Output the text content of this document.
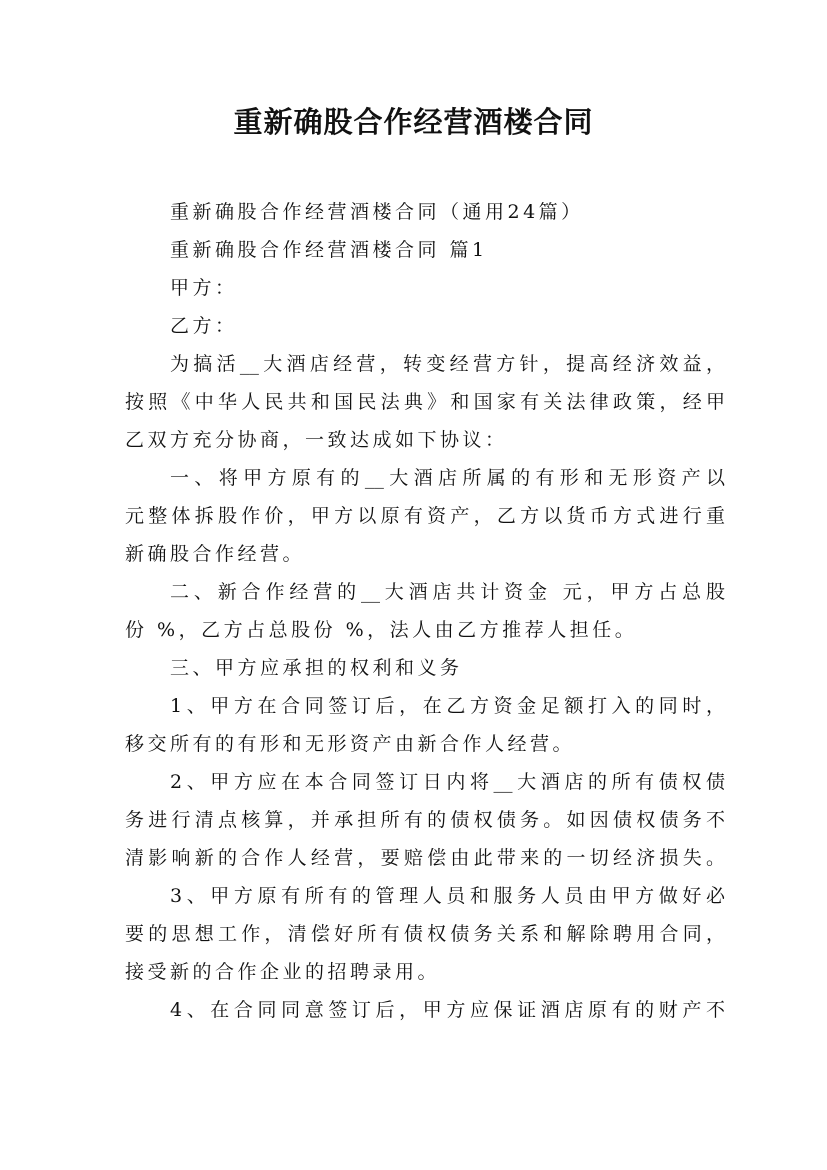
重新确股合作经营酒楼合同
重新确股合作经营酒楼合同（通用24篇）
重新确股合作经营酒楼合同 篇1
甲方：
乙方：
为搞活__大酒店经营，转变经营方针，提高经济效益，
按照《中华人民共和国民法典》和国家有关法律政策，经甲
乙双方充分协商，一致达成如下协议：
一、将甲方原有的__大酒店所属的有形和无形资产以
元整体拆股作价，甲方以原有资产，乙方以货币方式进行重
新确股合作经营。
二、新合作经营的__大酒店共计资金 元，甲方占总股
份 %，乙方占总股份 %，法人由乙方推荐人担任。
三、甲方应承担的权利和义务
1、甲方在合同签订后，在乙方资金足额打入的同时，
移交所有的有形和无形资产由新合作人经营。
2、甲方应在本合同签订日内将__大酒店的所有债权债
务进行清点核算，并承担所有的债权债务。如因债权债务不
清影响新的合作人经营，要赔偿由此带来的一切经济损失。
3、甲方原有所有的管理人员和服务人员由甲方做好必
要的思想工作，清偿好所有债权债务关系和解除聘用合同，
接受新的合作企业的招聘录用。
4、在合同同意签订后，甲方应保证酒店原有的财产不
